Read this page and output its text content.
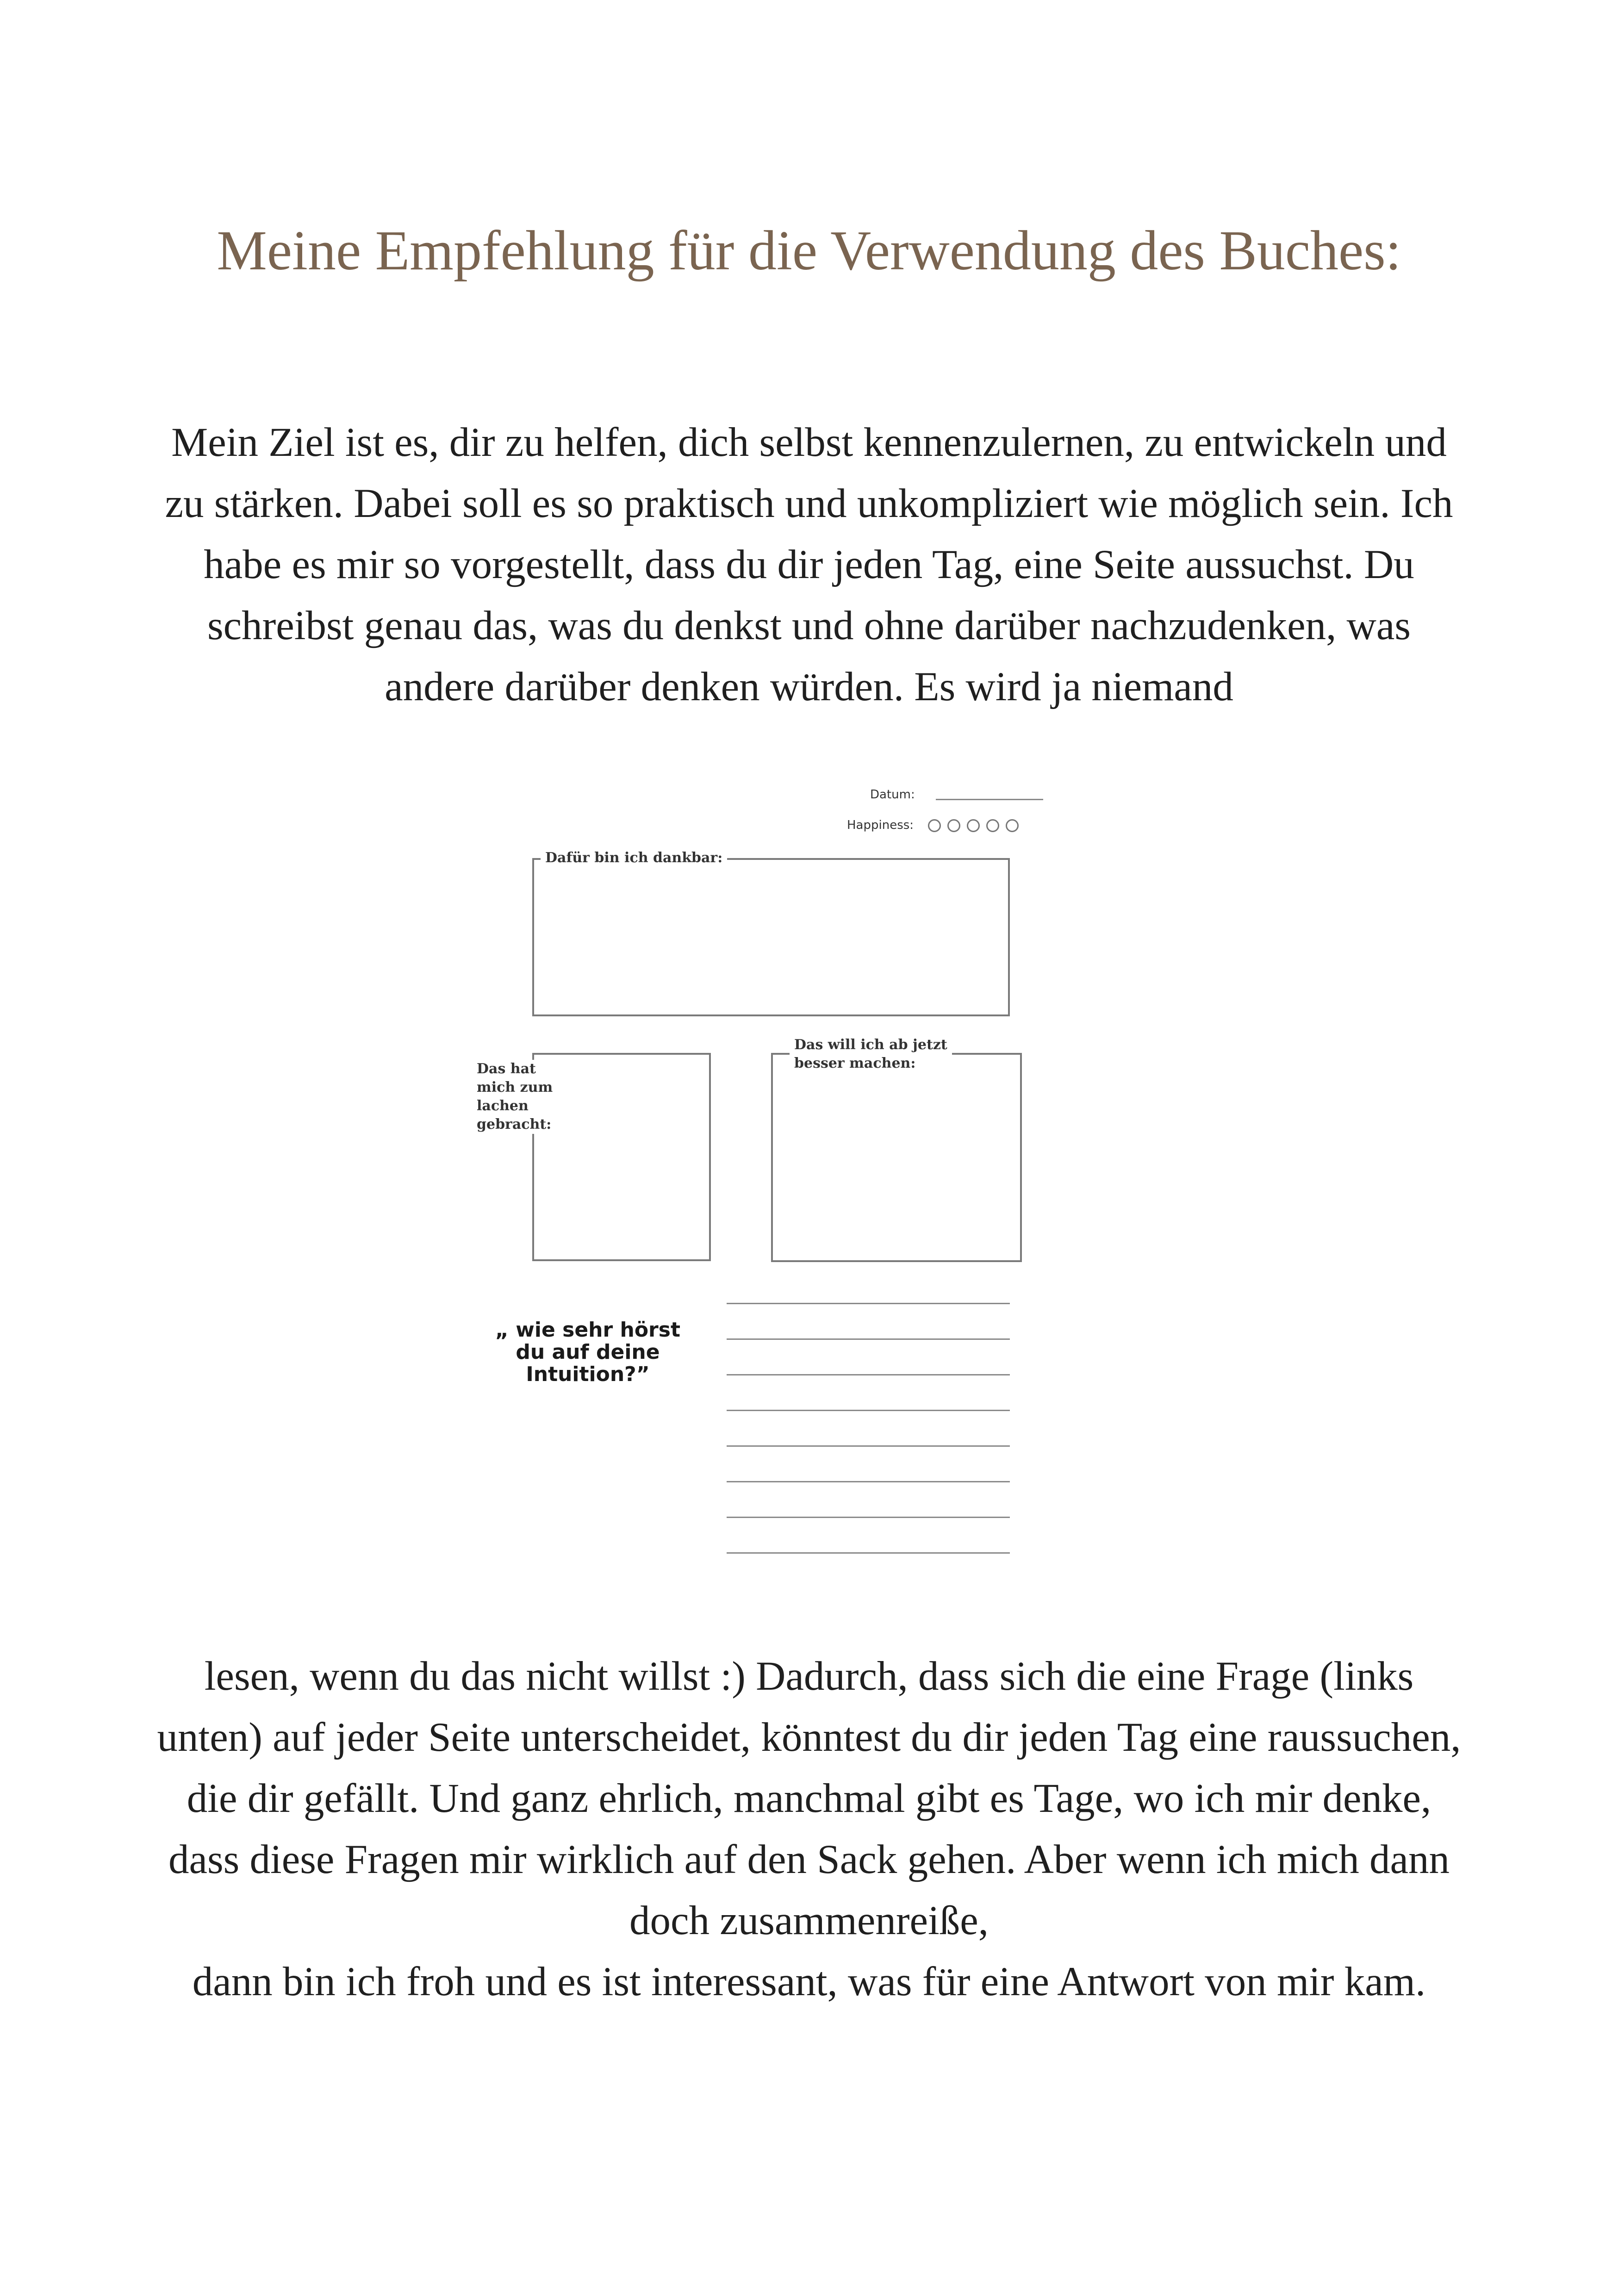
Meine Empfehlung für die Verwendung des Buches:

Mein Ziel ist es, dir zu helfen, dich selbst kennenzulernen, zu entwickeln und zu stärken. Dabei soll es so praktisch und unkompliziert wie möglich sein. Ich habe es mir so vorgestellt, dass du dir jeden Tag, eine Seite aussuchst. Du schreibst genau das, was du denkst und ohne darüber nachzudenken, was andere darüber denken würden. Es wird ja niemand

Datum:
Happiness:
Dafür bin ich dankbar:
Das hat
mich zum
lachen
gebracht:
Das will ich ab jetzt
besser machen:
„ wie sehr hörst
du auf deine
Intuition?”

lesen, wenn du das nicht willst :) Dadurch, dass sich die eine Frage (links unten) auf jeder Seite unterscheidet, könntest du dir jeden Tag eine raussuchen, die dir gefällt. Und ganz ehrlich, manchmal gibt es Tage, wo ich mir denke, dass diese Fragen mir wirklich auf den Sack gehen. Aber wenn ich mich dann doch zusammenreiße,
dann bin ich froh und es ist interessant, was für eine Antwort von mir kam.
